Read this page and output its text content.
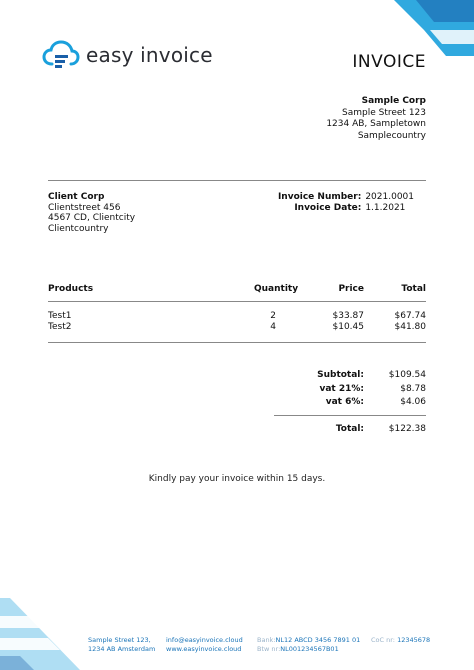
easy invoice	INVOICE
Sample Corp
Sample Street 123
1234 AB, Sampletown
Samplecountry
Client Corp
Clientstreet 456
4567 CD, Clientcity
Clientcountry
Invoice Number:	2021.0001
Invoice Date:	1.1.2021
Products	Quantity	Price	Total
Test1	2	$33.87	$67.74
Test2	4	$10.45	$41.80
Subtotal:	$109.54
vat 21%:	$8.78
vat 6%:	$4.06
Total:	$122.38
Kindly pay your invoice within 15 days.
Sample Street 123,
1234 AB Amsterdam
info@easyinvoice.cloud
www.easyinvoice.cloud
Bank:NL12 ABCD 3456 7891 01
Btw nr:NL001234567B01
CoC nr: 12345678
